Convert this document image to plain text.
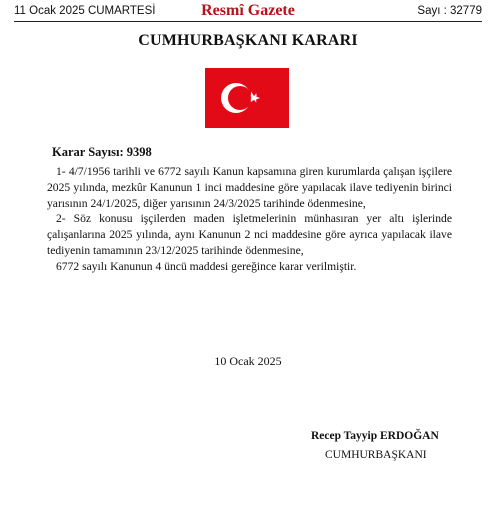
11 Ocak 2025 CUMARTESİ	Resmî Gazete	Sayı : 32779
CUMHURBAŞKANI KARARI
Karar Sayısı: 9398

1- 4/7/1956 tarihli ve 6772 sayılı Kanun kapsamına giren kurumlarda çalışan işçilere 2025 yılında, mezkûr Kanunun 1 inci maddesine göre yapılacak ilave tediyenin birinci yarısının 24/1/2025, diğer yarısının 24/3/2025 tarihinde ödenmesine,

2- Söz konusu işçilerden maden işletmelerinin münhasıran yer altı işlerinde çalışanlarına 2025 yılında, aynı Kanunun 2 nci maddesine göre ayrıca yapılacak ilave tediyenin tamamının 23/12/2025 tarihinde ödenmesine,

6772 sayılı Kanunun 4 üncü maddesi gereğince karar verilmiştir.

10 Ocak 2025
Recep Tayyip ERDOĞAN
CUMHURBAŞKANI
